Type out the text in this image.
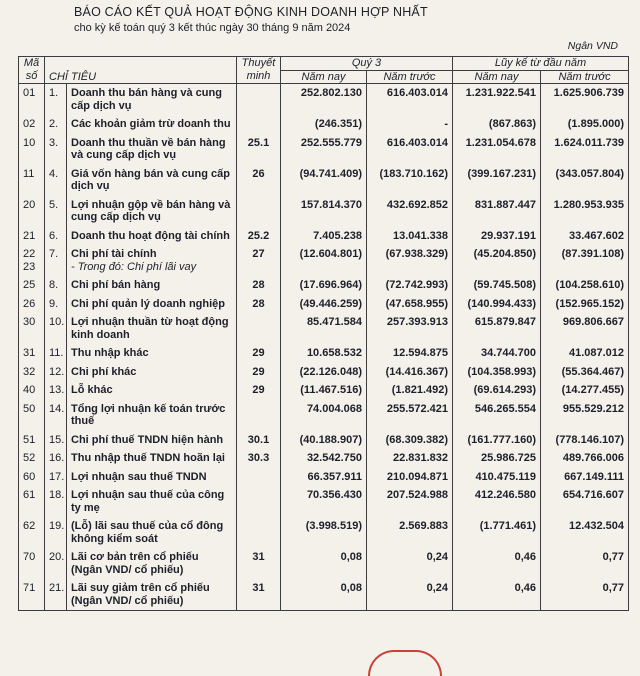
BÁO CÁO KẾT QUẢ HOẠT ĐỘNG KINH DOANH HỢP NHẤT
cho kỳ kế toán quý 3 kết thúc ngày 30 tháng 9 năm 2024
Ngân VND
Mã số	CHỈ TIÊU		Thuyết minh	Quý 3		Lũy kế từ đầu năm	
				Năm nay	Năm trước	Năm nay	Năm trước
01	1.	Doanh thu bán hàng và cung cấp dịch vụ		252.802.130	616.403.014	1.231.922.541	1.625.906.739
02	2.	Các khoản giảm trừ doanh thu		(246.351)	-	(867.863)	(1.895.000)
10	3.	Doanh thu thuần về bán hàng và cung cấp dịch vụ	25.1	252.555.779	616.403.014	1.231.054.678	1.624.011.739
11	4.	Giá vốn hàng bán và cung cấp dịch vụ	26	(94.741.409)	(183.710.162)	(399.167.231)	(343.057.804)
20	5.	Lợi nhuận gộp về bán hàng và cung cấp dịch vụ		157.814.370	432.692.852	831.887.447	1.280.953.935
21	6.	Doanh thu hoạt động tài chính	25.2	7.405.238	13.041.338	29.937.191	33.467.602
22	7.	Chi phí tài chính	27	(12.604.801)	(67.938.329)	(45.204.850)	(87.391.108)
23		- Trong đó: Chi phí lãi vay					
25	8.	Chi phí bán hàng	28	(17.696.964)	(72.742.993)	(59.745.508)	(104.258.610)
26	9.	Chi phí quản lý doanh nghiệp	28	(49.446.259)	(47.658.955)	(140.994.433)	(152.965.152)
30	10.	Lợi nhuận thuần từ hoạt động kinh doanh		85.471.584	257.393.913	615.879.847	969.806.667
31	11.	Thu nhập khác	29	10.658.532	12.594.875	34.744.700	41.087.012
32	12.	Chi phí khác	29	(22.126.048)	(14.416.367)	(104.358.993)	(55.364.467)
40	13.	Lỗ khác	29	(11.467.516)	(1.821.492)	(69.614.293)	(14.277.455)
50	14.	Tổng lợi nhuận kế toán trước thuế		74.004.068	255.572.421	546.265.554	955.529.212
51	15.	Chi phí thuế TNDN hiện hành	30.1	(40.188.907)	(68.309.382)	(161.777.160)	(778.146.107)
52	16.	Thu nhập thuế TNDN hoãn lại	30.3	32.542.750	22.831.832	25.986.725	489.766.006
60	17.	Lợi nhuận sau thuế TNDN		66.357.911	210.094.871	410.475.119	667.149.111
61	18.	Lợi nhuận sau thuế của công ty mẹ		70.356.430	207.524.988	412.246.580	654.716.607
62	19.	(Lỗ) lãi sau thuế của cổ đông không kiểm soát		(3.998.519)	2.569.883	(1.771.461)	12.432.504
70	20.	Lãi cơ bản trên cổ phiếu (Ngân VND/ cổ phiếu)	31	0,08	0,24	0,46	0,77
71	21.	Lãi suy giảm trên cổ phiếu (Ngân VND/ cổ phiếu)	31	0,08	0,24	0,46	0,77
